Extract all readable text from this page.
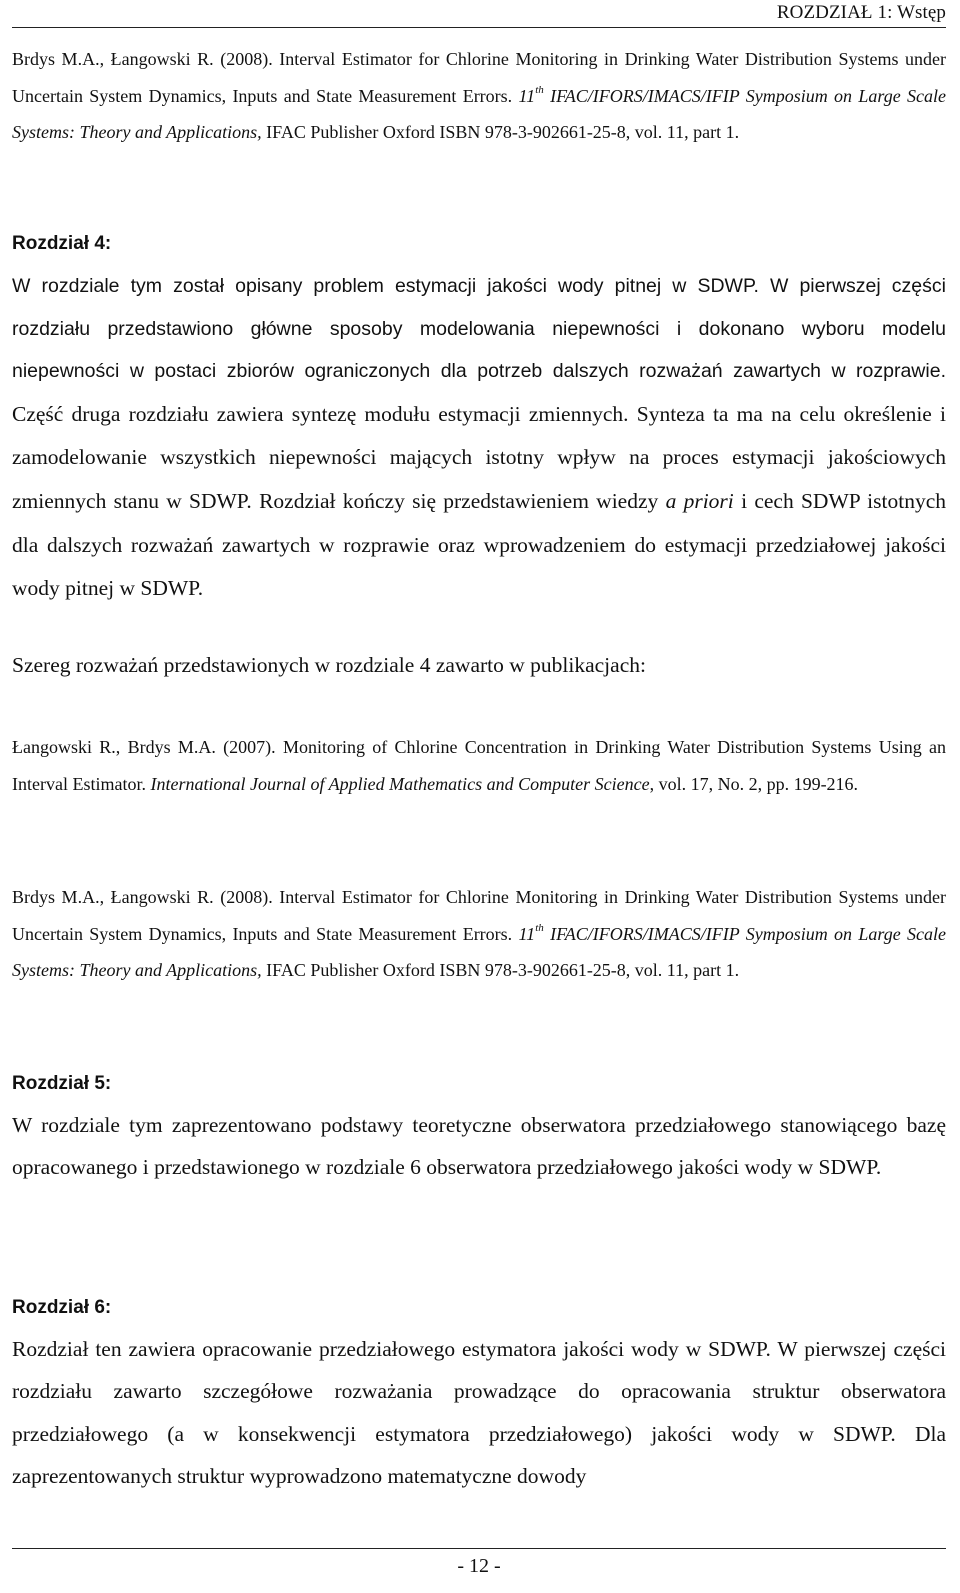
ROZDZIAŁ 1: Wstęp
Brdys M.A., Łangowski R. (2008). Interval Estimator for Chlorine Monitoring in Drinking Water Distribution Systems under Uncertain System Dynamics, Inputs and State Measurement Errors. 11th IFAC/IFORS/IMACS/IFIP Symposium on Large Scale Systems: Theory and Applications, IFAC Publisher Oxford ISBN 978-3-902661-25-8, vol. 11, part 1.
Rozdział 4:
W rozdziale tym został opisany problem estymacji jakości wody pitnej w SDWP. W pierwszej części rozdziału przedstawiono główne sposoby modelowania niepewności i dokonano wyboru modelu niepewności w postaci zbiorów ograniczonych dla potrzeb dalszych rozważań zawartych w rozprawie. Część druga rozdziału zawiera syntezę modułu estymacji zmiennych. Synteza ta ma na celu określenie i zamodelowanie wszystkich niepewności mających istotny wpływ na proces estymacji jakościowych zmiennych stanu w SDWP. Rozdział kończy się przedstawieniem wiedzy a priori i cech SDWP istotnych dla dalszych rozważań zawartych w rozprawie oraz wprowadzeniem do estymacji przedziałowej jakości wody pitnej w SDWP.
Szereg rozważań przedstawionych w rozdziale 4 zawarto w publikacjach:
Łangowski R., Brdys M.A. (2007). Monitoring of Chlorine Concentration in Drinking Water Distribution Systems Using an Interval Estimator. International Journal of Applied Mathematics and Computer Science, vol. 17, No. 2, pp. 199-216.
Brdys M.A., Łangowski R. (2008). Interval Estimator for Chlorine Monitoring in Drinking Water Distribution Systems under Uncertain System Dynamics, Inputs and State Measurement Errors. 11th IFAC/IFORS/IMACS/IFIP Symposium on Large Scale Systems: Theory and Applications, IFAC Publisher Oxford ISBN 978-3-902661-25-8, vol. 11, part 1.
Rozdział 5:
W rozdziale tym zaprezentowano podstawy teoretyczne obserwatora przedziałowego stanowiącego bazę opracowanego i przedstawionego w rozdziale 6 obserwatora przedziałowego jakości wody w SDWP.
Rozdział 6:
Rozdział ten zawiera opracowanie przedziałowego estymatora jakości wody w SDWP. W pierwszej części rozdziału zawarto szczegółowe rozważania prowadzące do opracowania struktur obserwatora przedziałowego (a w konsekwencji estymatora przedziałowego) jakości wody w SDWP. Dla zaprezentowanych struktur wyprowadzono matematyczne dowody
- 12 -
